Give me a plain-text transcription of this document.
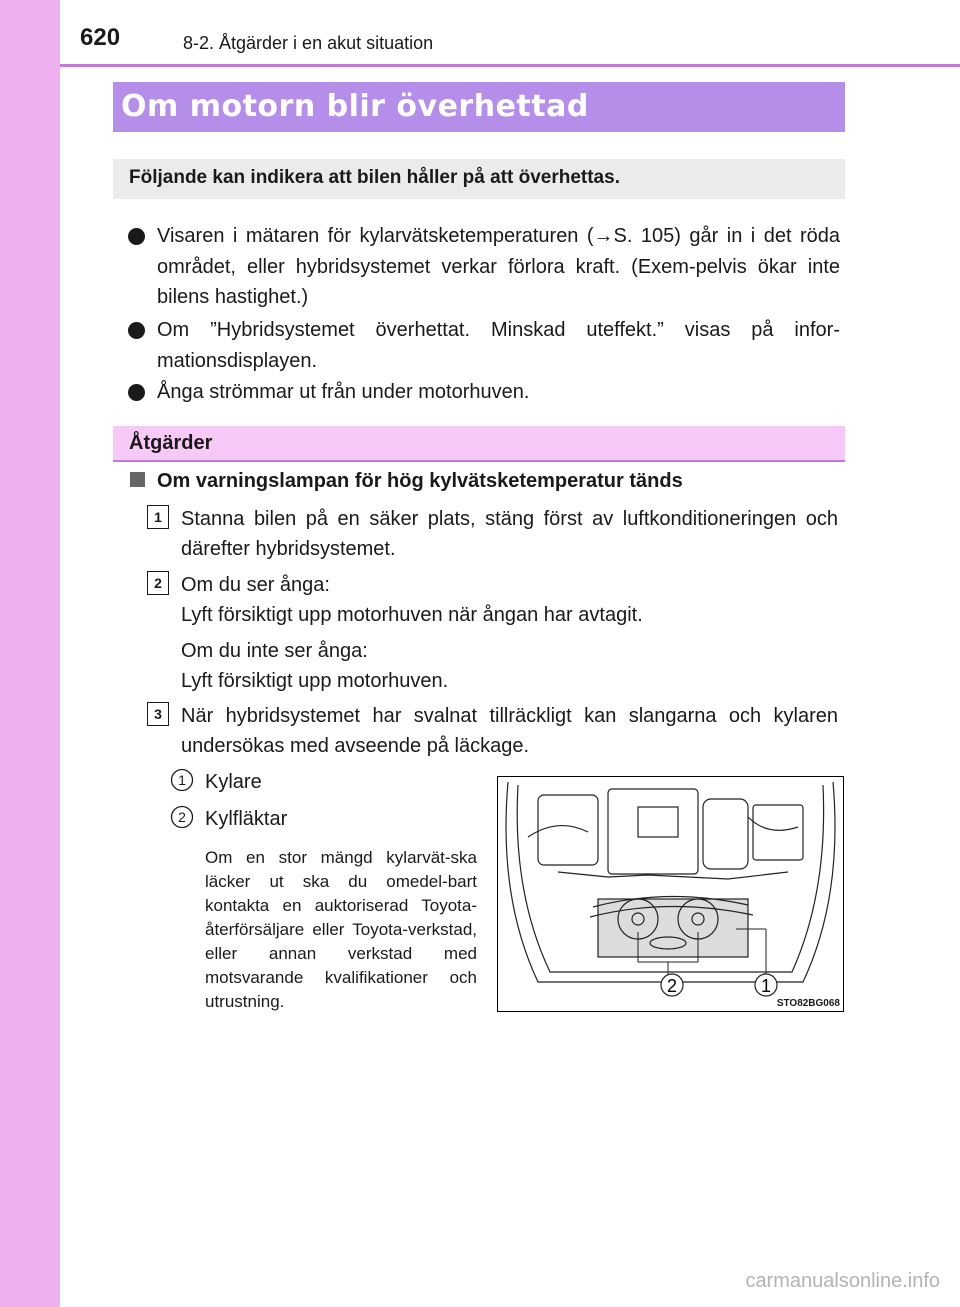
620	8-2. Åtgärder i en akut situation
Om motorn blir överhettad
Följande kan indikera att bilen håller på att överhettas.
Visaren i mätaren för kylarvätsketemperaturen (→S. 105) går in i det röda området, eller hybridsystemet verkar förlora kraft. (Exem-pelvis ökar inte bilens hastighet.)
Om ”Hybridsystemet överhettat. Minskad uteffekt.” visas på infor-mationsdisplayen.
Ånga strömmar ut från under motorhuven.
Åtgärder
Om varningslampan för hög kylvätsketemperatur tänds
1 Stanna bilen på en säker plats, stäng först av luftkonditioneringen och därefter hybridsystemet.
2 Om du ser ånga:
Lyft försiktigt upp motorhuven när ångan har avtagit.
Om du inte ser ånga:
Lyft försiktigt upp motorhuven.
3 När hybridsystemet har svalnat tillräckligt kan slangarna och kylaren undersökas med avseende på läckage.
1 Kylare
2 Kylfläktar
Om en stor mängd kylarvät-ska läcker ut ska du omedel-bart kontakta en auktoriserad Toyota-återförsäljare eller Toyota-verkstad, eller annan verkstad med motsvarande kvalifikationer och utrustning.
2	1
STO82BG068
carmanualsonline.info
